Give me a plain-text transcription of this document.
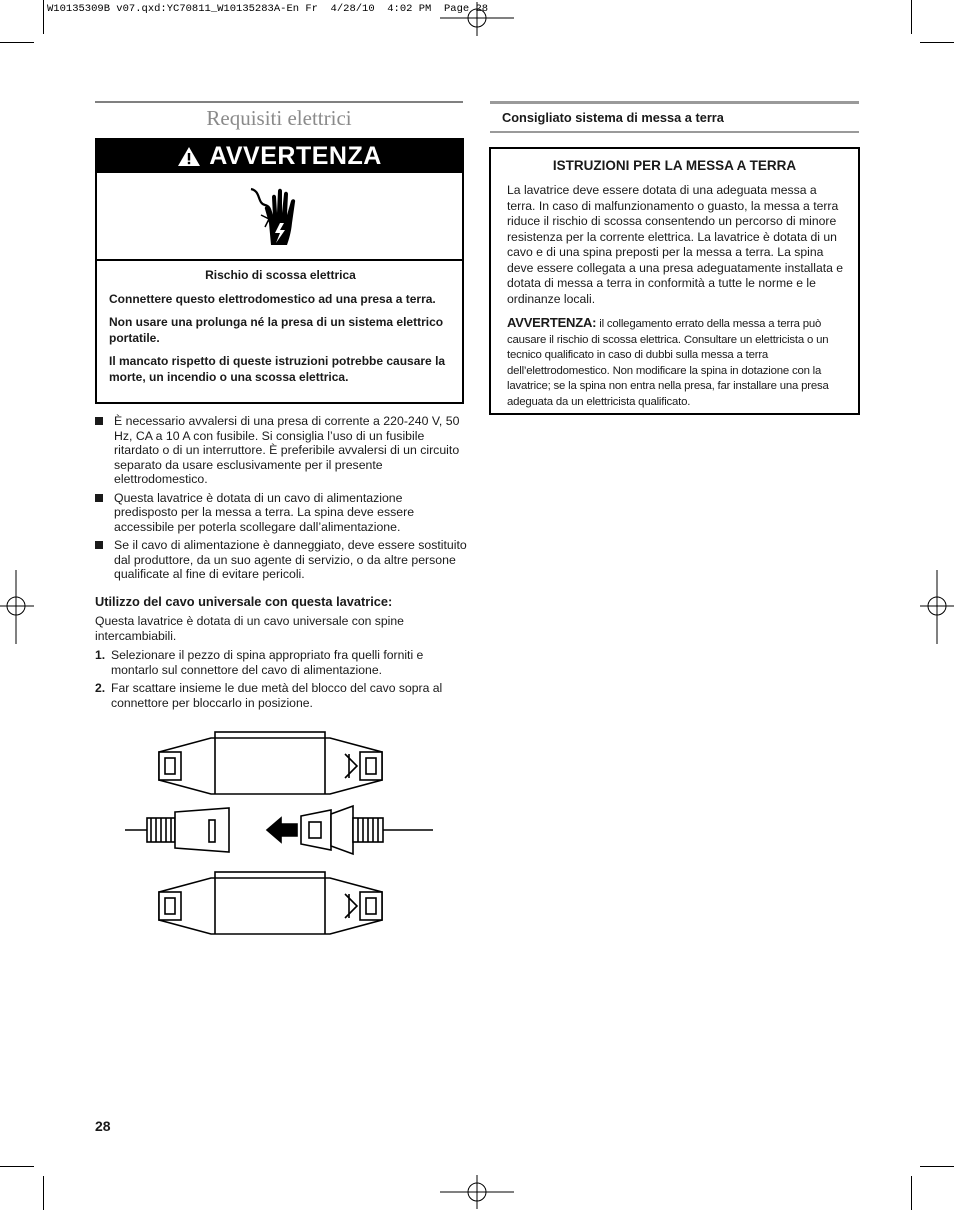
W10135309B v07.qxd:YC70811_W10135283A-En Fr  4/28/10  4:02 PM  Page 28
Requisiti elettrici
AVVERTENZA
Rischio di scossa elettrica

Connettere questo elettrodomestico ad una presa a terra.

Non usare una prolunga né la presa di un sistema elettrico portatile.

Il mancato rispetto di queste istruzioni potrebbe causare la morte, un incendio o una scossa elettrica.

È necessario avvalersi di una presa di corrente a 220-240 V, 50 Hz, CA a 10 A con fusibile. Si consiglia l’uso di un fusibile ritardato o di un interruttore. È preferibile avvalersi di un circuito separato da usare esclusivamente per il presente elettrodomestico.
Questa lavatrice è dotata di un cavo di alimentazione predisposto per la messa a terra. La spina deve essere accessibile per poterla scollegare dall’alimentazione.
Se il cavo di alimentazione è danneggiato, deve essere sostituito dal produttore, da un suo agente di servizio, o da altre persone qualificate al fine di evitare pericoli.
Utilizzo del cavo universale con questa lavatrice:
Questa lavatrice è dotata di un cavo universale con spine intercambiabili.
1. Selezionare il pezzo di spina appropriato fra quelli forniti e montarlo sul connettore del cavo di alimentazione.
2. Far scattare insieme le due metà del blocco del cavo sopra al connettore per bloccarlo in posizione.
Consigliato sistema di messa a terra
ISTRUZIONI PER LA MESSA A TERRA
La lavatrice deve essere dotata di una adeguata messa a terra. In caso di malfunzionamento o guasto, la messa a terra riduce il rischio di scossa consentendo un percorso di minore resistenza per la corrente elettrica. La lavatrice è dotata di un cavo e di una spina preposti per la messa a terra. La spina deve essere collegata a una presa adeguatamente installata e dotata di messa a terra in conformità a tutte le norme e le ordinanze locali.
AVVERTENZA: il collegamento errato della messa a terra può causare il rischio di scossa elettrica. Consultare un elettricista o un tecnico qualificato in caso di dubbi sulla messa a terra dell’elettrodomestico. Non modificare la spina in dotazione con la lavatrice; se la spina non entra nella presa, far installare una presa adeguata da un elettricista qualificato.
28
